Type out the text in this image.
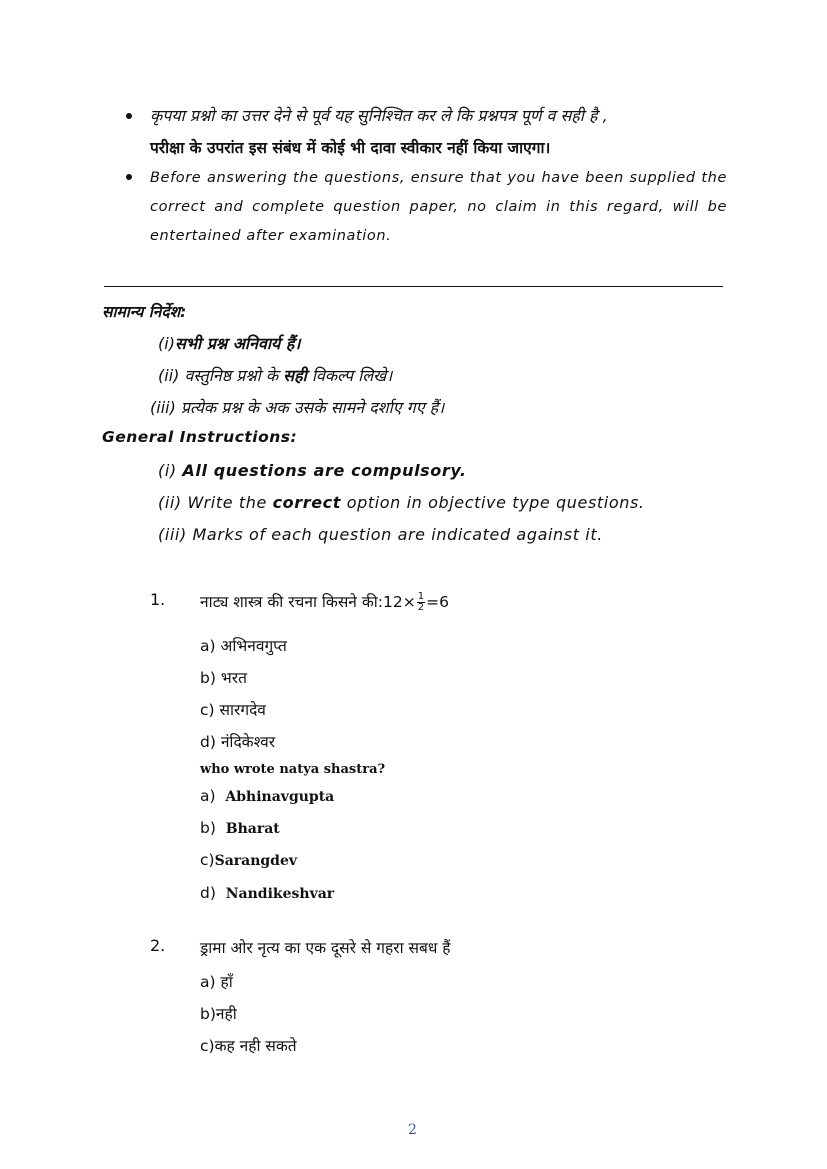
कृपया प्रश्नो का उत्तर देने से पूर्व यह सुनिश्चित कर ले कि प्रश्नपत्र पूर्ण व सही है ,
परीक्षा के उपरांत इस संबंध में कोई भी दावा स्वीकार नहीं किया जाएगा।
Before answering the questions, ensure that you have been supplied the
correct and complete question paper, no claim in this regard, will be
entertained after examination.
सामान्य निर्देश:
(i)सभी प्रश्न अनिवार्य हैं।
(ii) वस्तुनिष्ठ प्रश्नो के सही विकल्प लिखे।
(iii) प्रत्येक प्रश्न के अक उसके सामने दर्शाए गए हैं।
General Instructions:
(i) All questions are compulsory.
(ii) Write the correct option in objective type questions.
(iii) Marks of each question are indicated against it.
1. नाट्य शास्त्र की रचना किसने की:12× $\frac{1}{2} =6$
a) अभिनवगुप्त
b) भरत
c) सारगदेव
d) नंदिकेश्वर
who wrote natya shastra?
a) Abhinavgupta
b) Bharat
c)Sarangdev
d) Nandikeshvar
2. ड्रामा ओर नृत्य का एक दूसरे से गहरा सबध हैं
a) हाँ
b)नही
c)कह नही सकते
2
